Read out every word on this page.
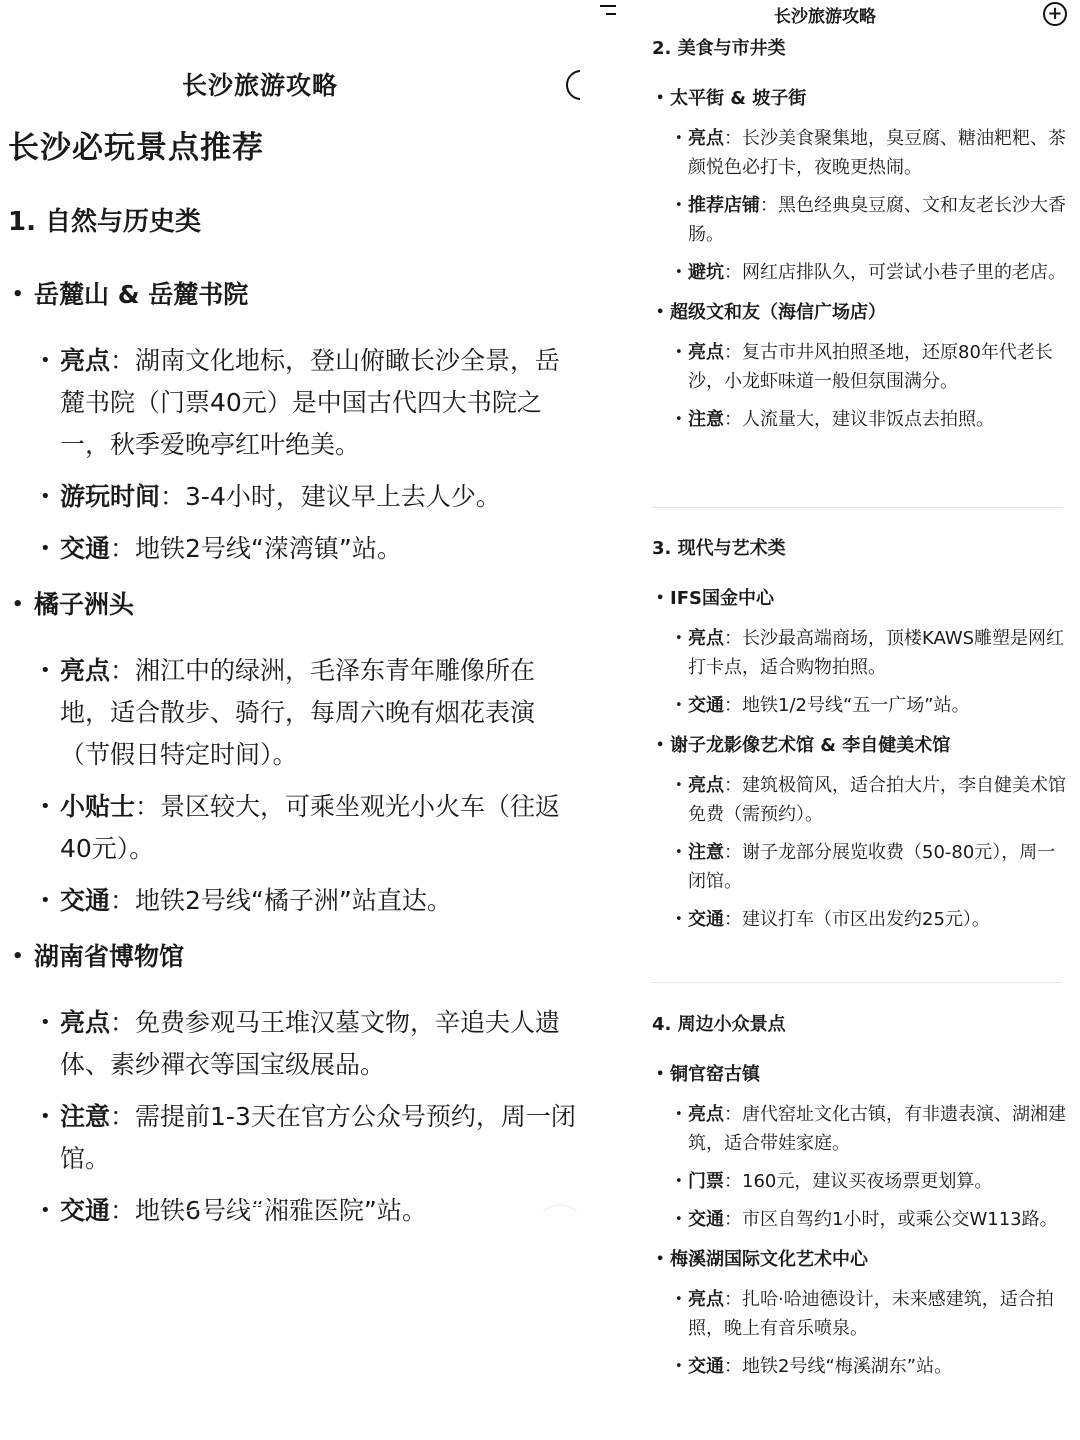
长沙旅游攻略
长沙必玩景点推荐
1. 自然与历史类
• 岳麓山 & 岳麓书院
• 亮点：湖南文化地标，登山俯瞰长沙全景，岳麓书院（门票40元）是中国古代四大书院之一，秋季爱晚亭红叶绝美。
• 游玩时间：3-4小时，建议早上去人少。
• 交通：地铁2号线“溁湾镇”站。
• 橘子洲头
• 亮点：湘江中的绿洲，毛泽东青年雕像所在地，适合散步、骑行，每周六晚有烟花表演（节假日特定时间）。
• 小贴士：景区较大，可乘坐观光小火车（往返40元）。
• 交通：地铁2号线“橘子洲”站直达。
• 湖南省博物馆
• 亮点：免费参观马王堆汉墓文物，辛追夫人遗体、素纱禪衣等国宝级展品。
• 注意：需提前1-3天在官方公众号预约，周一闭馆。
• 交通：地铁6号线“湘雅医院”站。
长沙旅游攻略	+
2. 美食与市井类
• 太平街 & 坡子街
• 亮点：长沙美食聚集地，臭豆腐、糖油粑粑、茶颜悦色必打卡，夜晚更热闹。
• 推荐店铺：黑色经典臭豆腐、文和友老长沙大香肠。
• 避坑：网红店排队久，可尝试小巷子里的老店。
• 超级文和友（海信广场店）
• 亮点：复古市井风拍照圣地，还原80年代老长沙，小龙虾味道一般但氛围满分。
• 注意：人流量大，建议非饭点去拍照。
3. 现代与艺术类
• IFS国金中心
• 亮点：长沙最高端商场，顶楼KAWS雕塑是网红打卡点，适合购物拍照。
• 交通：地铁1/2号线“五一广场”站。
• 谢子龙影像艺术馆 & 李自健美术馆
• 亮点：建筑极简风，适合拍大片，李自健美术馆免费（需预约）。
• 注意：谢子龙部分展览收费（50-80元），周一闭馆。
• 交通：建议打车（市区出发约25元）。
4. 周边小众景点
• 铜官窑古镇
• 亮点：唐代窑址文化古镇，有非遗表演、湖湘建筑，适合带娃家庭。
• 门票：160元，建议买夜场票更划算。
• 交通：市区自驾约1小时，或乘公交W113路。
• 梅溪湖国际文化艺术中心
• 亮点：扎哈·哈迪德设计，未来感建筑，适合拍照，晚上有音乐喷泉。
• 交通：地铁2号线“梅溪湖东”站。
